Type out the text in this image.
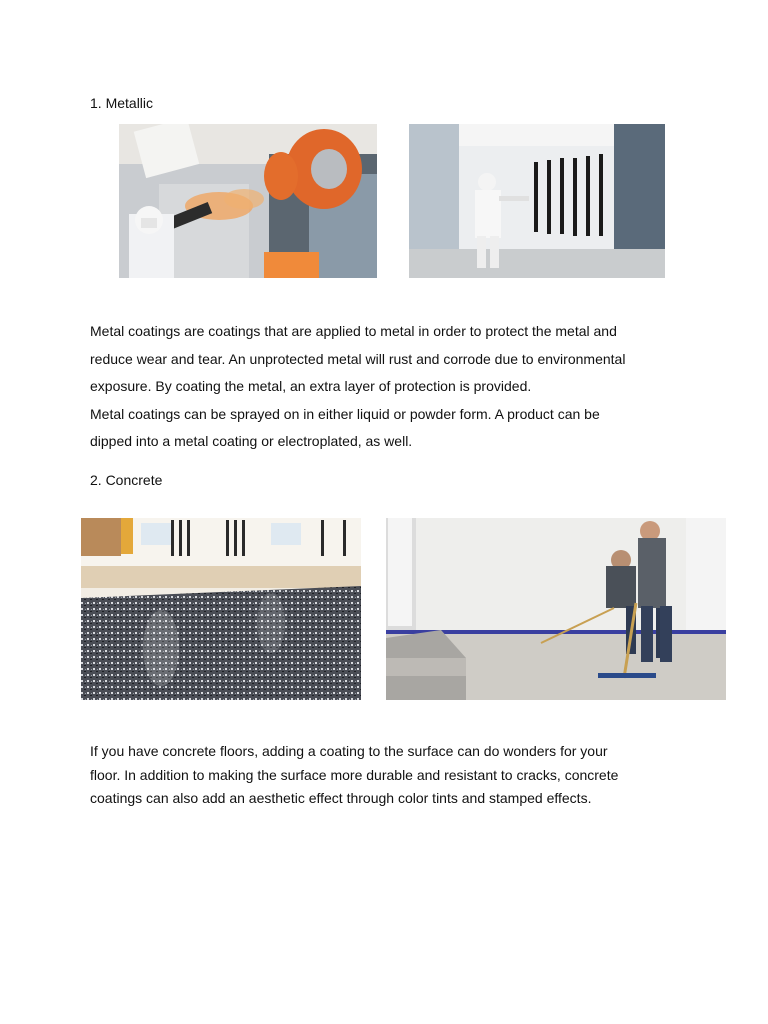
1. Metallic

Metal coatings are coatings that are applied to metal in order to protect the metal and
reduce wear and tear. An unprotected metal will rust and corrode due to environmental
exposure. By coating the metal, an extra layer of protection is provided.
Metal coatings can be sprayed on in either liquid or powder form. A product can be
dipped into a metal coating or electroplated, as well.

2. Concrete

If you have concrete floors, adding a coating to the surface can do wonders for your
floor. In addition to making the surface more durable and resistant to cracks, concrete
coatings can also add an aesthetic effect through color tints and stamped effects.
